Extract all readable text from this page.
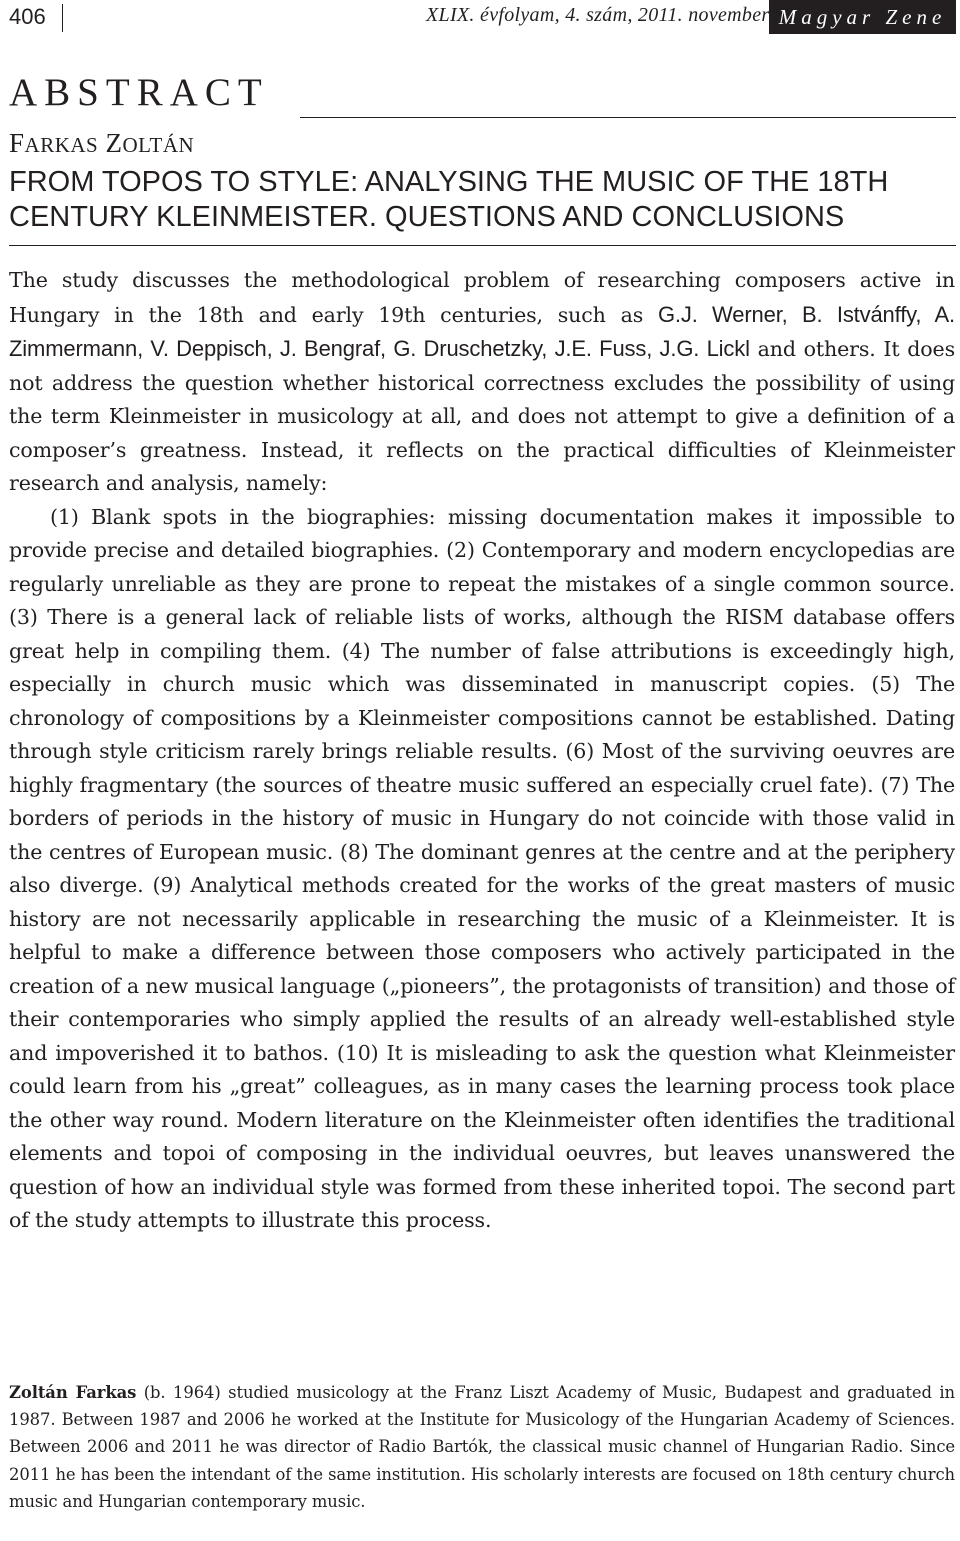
406	XLIX. évfolyam, 4. szám, 2011. november Magyar Zene
ABSTRACT
FARKAS ZOLTÁN
FROM TOPOS TO STYLE: ANALYSING THE MUSIC OF THE 18TH CENTURY KLEINMEISTER. QUESTIONS AND CONCLUSIONS

The study discusses the methodological problem of researching composers active in Hungary in the 18th and early 19th centuries, such as G.J. Werner, B. Istvánffy, A. Zimmermann, V. Deppisch, J. Bengraf, G. Druschetzky, J.E. Fuss, J.G. Lickl and others. It does not address the question whether historical correctness excludes the possibility of using the term Kleinmeister in musicology at all, and does not attempt to give a definition of a composer’s greatness. Instead, it reflects on the practical difficulties of Kleinmeister research and analysis, namely:

(1) Blank spots in the biographies: missing documentation makes it impossible to provide precise and detailed biographies. (2) Contemporary and modern encyclopedias are regularly unreliable as they are prone to repeat the mistakes of a single common source. (3) There is a general lack of reliable lists of works, although the RISM database offers great help in compiling them. (4) The number of false attributions is exceedingly high, especially in church music which was disseminated in manuscript copies. (5) The chronology of compositions by a Kleinmeister compositions cannot be established. Dating through style criticism rarely brings reliable results. (6) Most of the surviving oeuvres are highly fragmentary (the sources of theatre music suffered an especially cruel fate). (7) The borders of periods in the history of music in Hungary do not coincide with those valid in the centres of European music. (8) The dominant genres at the centre and at the periphery also diverge. (9) Analytical methods created for the works of the great masters of music history are not necessarily applicable in researching the music of a Kleinmeister. It is helpful to make a difference between those composers who actively participated in the creation of a new musical language („pioneers”, the protagonists of transition) and those of their contemporaries who simply applied the results of an already well-established style and impoverished it to bathos. (10) It is misleading to ask the question what Kleinmeister could learn from his „great” colleagues, as in many cases the learning process took place the other way round. Modern literature on the Kleinmeister often identifies the traditional elements and topoi of composing in the individual oeuvres, but leaves unanswered the question of how an individual style was formed from these inherited topoi. The second part of the study attempts to illustrate this process.

Zoltán Farkas (b. 1964) studied musicology at the Franz Liszt Academy of Music, Budapest and graduated in 1987. Between 1987 and 2006 he worked at the Institute for Musicology of the Hungarian Academy of Sciences. Between 2006 and 2011 he was director of Radio Bartók, the classical music channel of Hungarian Radio. Since 2011 he has been the intendant of the same institution. His scholarly interests are focused on 18th century church music and Hungarian contemporary music.
